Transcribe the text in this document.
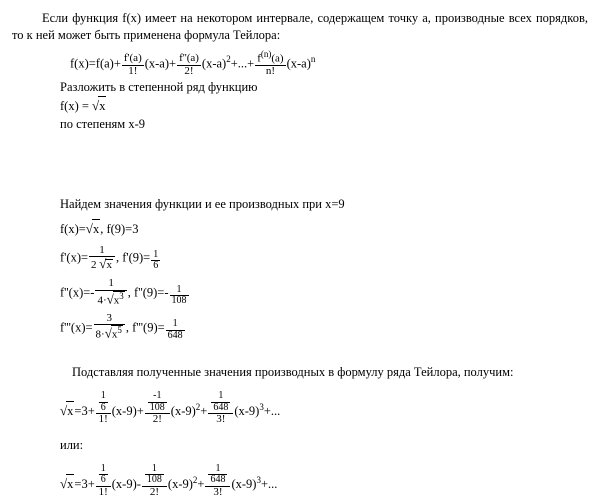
Если функция f(x) имеет на некотором интервале, содержащем точку a, производные всех порядков, то к ней может быть применена формула Тейлора:

$f(x)=f(a)+ \frac{f'(a)}{1!} (x-a)+ \frac{f''(a)}{2!} (x-a)^2+...+ \frac{f^{(n)}(a)}{n!} (x-a)^n$
Разложить в степенной ряд функцию
f(x) = √x
по степеням x-9
Найдем значения функции и ее производных при x=9
f(x)=√x, f(9)=3
$f'(x)= \frac{1}{2 √x}$ , $f'(9)= \frac{1}{6}$
$f''(x)=- \frac{1}{4\cdot√x^3}$ , $f''(9)=- \frac{1}{108}$
$f'''(x)= \frac{3}{8\cdot√x^5}$ , $f'''(9)= \frac{1}{648}$
Подставляя полученные значения производных в формулу ряда Тейлора, получим:
$√x=3+ \frac{\frac{1}{6}}{1!} (x-9)+ \frac{\frac{-1}{108}}{2!} (x-9)^2+ \frac{\frac{1}{648}}{3!} (x-9)^3+$...
или:
$√x=3+ \frac{\frac{1}{6}}{1!} (x-9)- \frac{\frac{1}{108}}{2!} (x-9)^2+ \frac{\frac{1}{648}}{3!} (x-9)^3+$...
